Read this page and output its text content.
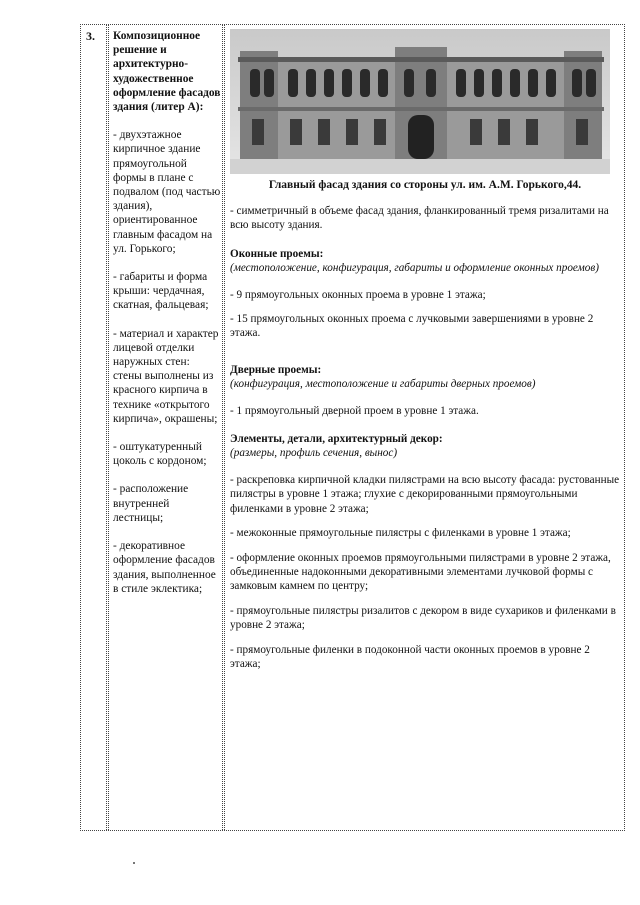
3. Композиционное решение и архитектурно-художественное оформление фасадов здания (литер А):

- двухэтажное кирпичное здание прямоугольной формы в плане с подвалом (под частью здания), ориентированное главным фасадом на ул. Горького;

- габариты и форма крыши: чердачная, скатная, фальцевая;

- материал и характер лицевой отделки наружных стен: стены выполнены из красного кирпича в технике «открытого кирпича», окрашены;

- оштукатуренный цоколь с кордоном;

- расположение внутренней лестницы;

- декоративное оформление фасадов здания, выполненное в стиле эклектика;

Главный фасад здания со стороны ул. им. А.М. Горького,44.

- симметричный в объеме фасад здания, фланкированный тремя ризалитами на всю высоту здания.

Оконные проемы:

(местоположение, конфигурация, габариты и оформление оконных проемов)

- 9 прямоугольных оконных проема в уровне 1 этажа;

- 15 прямоугольных оконных проема с лучковыми завершениями в уровне 2 этажа.

Дверные проемы:

(конфигурация, местоположение и габариты дверных проемов)

- 1 прямоугольный дверной проем в уровне 1 этажа.

Элементы, детали, архитектурный декор:

(размеры, профиль сечения, вынос)

- раскреповка кирпичной кладки пилястрами на всю высоту фасада: рустованные пилястры в уровне 1 этажа; глухие с декорированными прямоугольными филенками в уровне 2 этажа;

- межоконные прямоугольные пилястры с филенками в уровне 1 этажа;

- оформление оконных проемов прямоугольными пилястрами в уровне 2 этажа, объединенные надоконными декоративными элементами лучковой формы с замковым камнем по центру;

- прямоугольные пилястры ризалитов с декором в виде сухариков и филенками в уровне 2 этажа;

- прямоугольные филенки в подоконной части оконных проемов в уровне 2 этажа;
